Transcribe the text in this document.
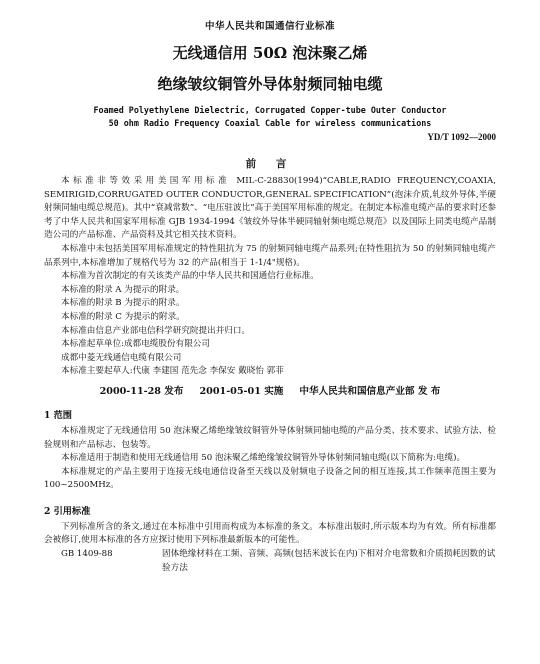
中华人民共和国通信行业标准
无线通信用 50Ω 泡沫聚乙烯
绝缘皱纹铜管外导体射频同轴电缆
Foamed Polyethylene Dielectric, Corrugated Copper-tube Outer Conductor
50 ohm Radio Frequency Coaxial Cable for wireless communications
YD/T 1092—2000
前 言

本标准非等效采用美国军用标准 MIL-C-28830(1994)“CABLE,RADIO FREQUENCY,COAXIA, SEMIRIGID,CORRUGATED OUTER CONDUCTOR,GENERAL SPECIFICATION”(泡沫介质,轧纹外导体,半硬射频同轴电缆总规范)。其中“衰减常数”、“电压驻波比”高于美国军用标准的规定。在制定本标准电缆产品的要求时还参考了中华人民共和国家军用标准 GJB 1934-1994《皱纹外导体半硬同轴射频电缆总规范》以及国际上同类电缆产品制造公司的产品标准、产品资料及其它相关技术资料。

本标准中未包括美国军用标准规定的特性阻抗为 75 的射频同轴电缆产品系列;在特性阻抗为 50 的射频同轴电缆产品系列中,本标准增加了规格代号为 32 的产品(相当于 1-1/4"规格)。

本标准为首次制定的有关该类产品的中华人民共和国通信行业标准。

本标准的附录 A 为提示的附录。

本标准的附录 B 为提示的附录。

本标准的附录 C 为提示的附录。

本标准由信息产业部电信科学研究院提出并归口。

本标准起草单位:成都电缆股份有限公司

成都中菱无线通信电缆有限公司

本标准主要起草人:代康 李建国 范先念 李保安 戴晓怡 郭菲

2000-11-28 发布 2001-05-01 实施 中华人民共和国信息产业部 发 布
1 范围

本标准规定了无线通信用 50 泡沫聚乙烯绝缘皱纹铜管外导体射频同轴电缆的产品分类、技术要求、试验方法、检验规则和产品标志、包装等。

本标准适用于制造和使用无线通信用 50 泡沫聚乙烯绝缘皱纹铜管外导体射频同轴电缆(以下简称为:电缆)。

本标准规定的产品主要用于连接无线电通信设备至天线以及射频电子设备之间的相互连接,其工作频率范围主要为 100~2500MHz。

2 引用标准

下列标准所含的条文,通过在本标准中引用而构成为本标准的条文。本标准出版时,所示版本均为有效。所有标准都会被修订,使用本标准的各方应探讨使用下列标准最新版本的可能性。

GB 1409-88	固体绝缘材料在工频、音频、高频(包括米波长在内)下相对介电常数和介质损耗因数的试验方法
